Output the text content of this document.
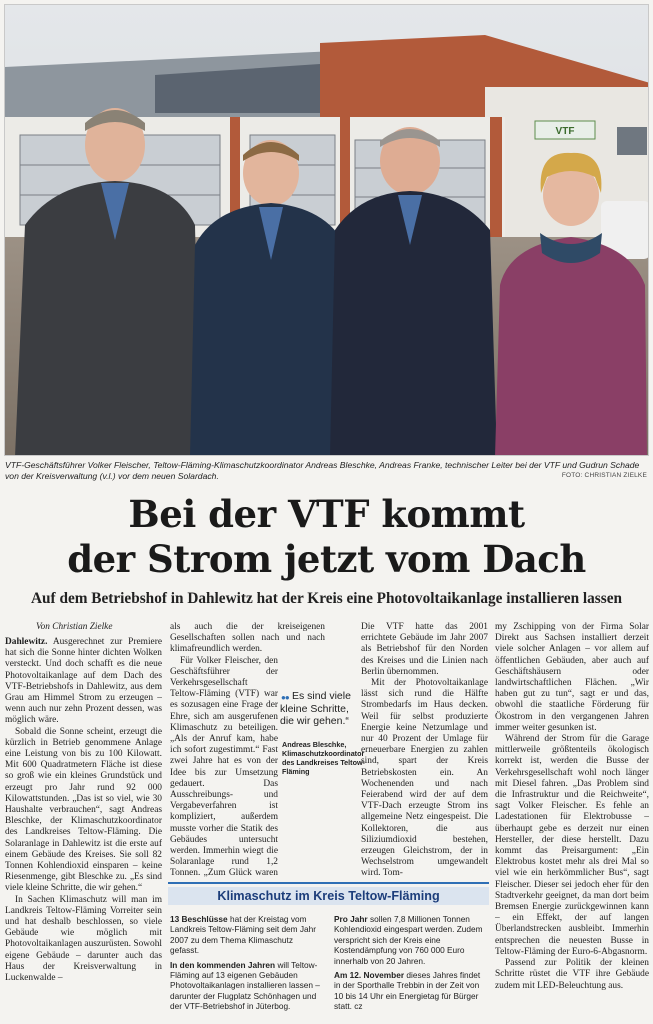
VTF
VTF-Geschäftsführer Volker Fleischer, Teltow-Fläming-Klimaschutzkoordinator Andreas Bleschke, Andreas Franke, technischer Leiter bei der VTF und Gudrun Schade von der Kreisverwaltung (v.l.) vor dem neuen Solardach.	FOTO: CHRISTIAN ZIELKE
Bei der VTF kommt
der Strom jetzt vom Dach
Auf dem Betriebshof in Dahlewitz hat der Kreis eine Photovoltaikanlage installieren lassen
Von Christian Zielke

Dahlewitz. Ausgerechnet zur Premiere hat sich die Sonne hinter dichten Wolken versteckt. Und doch schafft es die neue Photovoltaikanlage auf dem Dach des VTF-Betriebshofs in Dahlewitz, aus dem Grau am Himmel Strom zu erzeugen – wenn auch nur zehn Prozent dessen, was möglich wäre.

Sobald die Sonne scheint, erzeugt die kürzlich in Betrieb genommene Anlage eine Leistung von bis zu 100 Kilowatt. Mit 600 Quadratmetern Fläche ist diese so groß wie ein kleines Grundstück und erzeugt pro Jahr rund 92 000 Kilowattstunden. „Das ist so viel, wie 30 Haushalte verbrauchen“, sagt Andreas Bleschke, der Klimaschutzkoordinator des Landkreises Teltow-Fläming. Die Solaranlage in Dahlewitz ist die erste auf einem Gebäude des Kreises. Sie soll 82 Tonnen Kohlendioxid einsparen – keine Riesenmenge, gibt Bleschke zu. „Es sind viele kleine Schritte, die wir gehen.“

In Sachen Klimaschutz will man im Landkreis Teltow-Fläming Vorreiter sein und hat deshalb beschlossen, so viele Gebäude wie möglich mit Photovoltaikanlagen auszurüsten. Sowohl eigene Gebäude – darunter auch das Haus der Kreisverwaltung in Luckenwalde –

als auch die der kreiseigenen Gesellschaften sollen nach und nach klimafreundlich werden.

Für Volker Fleischer, den Geschäftsführer der Verkehrsgesellschaft Teltow-Fläming (VTF) war es sozusagen eine Frage der Ehre, sich am ausgerufenen Klimaschutz zu beteiligen. „Als der Anruf kam, habe ich sofort zugestimmt.“ Fast zwei Jahre hat es von der Idee bis zur Umsetzung gedauert. Das Ausschreibungs- und Vergabeverfahren ist kompliziert, außerdem musste vorher die Statik des Gebäudes untersucht werden. Immerhin wiegt die Solaranlage rund 1,2 Tonnen. „Zum Glück waren

Die VTF hatte das 2001 errichtete Gebäude im Jahr 2007 als Betriebshof für den Norden des Kreises und die Linien nach Berlin übernommen.

Mit der Photovoltaikanlage lässt sich rund die Hälfte Strombedarfs im Haus decken. Weil für selbst produzierte Energie keine Netzumlage und nur 40 Prozent der Umlage für erneuerbare Energien zu zahlen sind, spart der Kreis Betriebskosten ein. An Wochenenden und nach Feierabend wird der auf dem VTF-Dach erzeugte Strom ins allgemeine Netz eingespeist. Die Kollektoren, die aus Siliziumdioxid bestehen, erzeugen Gleichstrom, der in Wechselstrom umgewandelt wird. Tom-

●● Es sind viele kleine Schritte, die wir gehen.“
Andreas Bleschke, Klimaschutzkoordinator des Landkreises Teltow-Fläming

my Zschipping von der Firma Solar Direkt aus Sachsen installiert derzeit viele solcher Anlagen – vor allem auf öffentlichen Gebäuden, aber auch auf Geschäftshäusern oder landwirtschaftlichen Flächen. „Wir haben gut zu tun“, sagt er und das, obwohl die staatliche Förderung für Ökostrom in den vergangenen Jahren immer weiter gesunken ist.

Während der Strom für die Garage mittlerweile größtenteils ökologisch korrekt ist, werden die Busse der Verkehrsgesellschaft wohl noch länger mit Diesel fahren. „Das Problem sind die Infrastruktur und die Reichweite“, sagt Volker Fleischer. Es fehle an Ladestationen für Elektrobusse – überhaupt gebe es derzeit nur einen Hersteller, der diese herstellt. Dazu kommt das Preisargument: „Ein Elektrobus kostet mehr als drei Mal so viel wie ein herkömmlicher Bus“, sagt Fleischer. Dieser sei jedoch eher für den Stadtverkehr geeignet, da man dort beim Bremsen Energie zurückgewinnen kann – ein Effekt, der auf langen Überlandstrecken ausbleibt. Immerhin entsprechen die neuesten Busse in Teltow-Fläming der Euro-6-Abgasnorm.

Passend zur Politik der kleinen Schritte rüstet die VTF ihre Gebäude zudem mit LED-Beleuchtung aus.

Klimaschutz im Kreis Teltow-Fläming

13 Beschlüsse hat der Kreistag vom Landkreis Teltow-Fläming seit dem Jahr 2007 zu dem Thema Klimaschutz gefasst.

In den kommenden Jahren will Teltow-Fläming auf 13 eigenen Gebäuden Photovoltaikanlagen installieren lassen – darunter der Flugplatz Schönhagen und der VTF-Betriebshof in Jüterbog.

Pro Jahr sollen 7,8 Millionen Tonnen Kohlendioxid eingespart werden. Zudem verspricht sich der Kreis eine Kostendämpfung von 760 000 Euro innerhalb von 20 Jahren.

Am 12. November dieses Jahres findet in der Sporthalle Trebbin in der Zeit von 10 bis 14 Uhr ein Energietag für Bürger statt. cz
